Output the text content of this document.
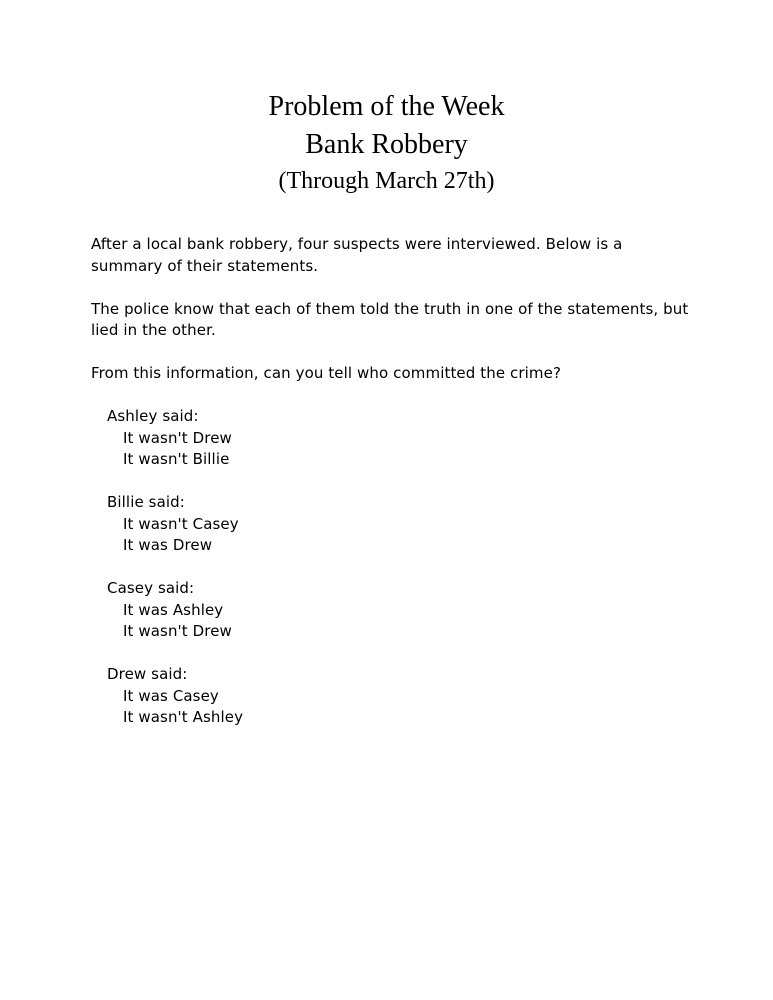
Problem of the Week
Bank Robbery
(Through March 27th)

After a local bank robbery, four suspects were interviewed. Below is a summary of their statements.

The police know that each of them told the truth in one of the statements, but lied in the other.

From this information, can you tell who committed the crime?

Ashley said:

It wasn't Drew

It wasn't Billie

Billie said:

It wasn't Casey

It was Drew

Casey said:

It was Ashley

It wasn't Drew

Drew said:

It was Casey

It wasn't Ashley
